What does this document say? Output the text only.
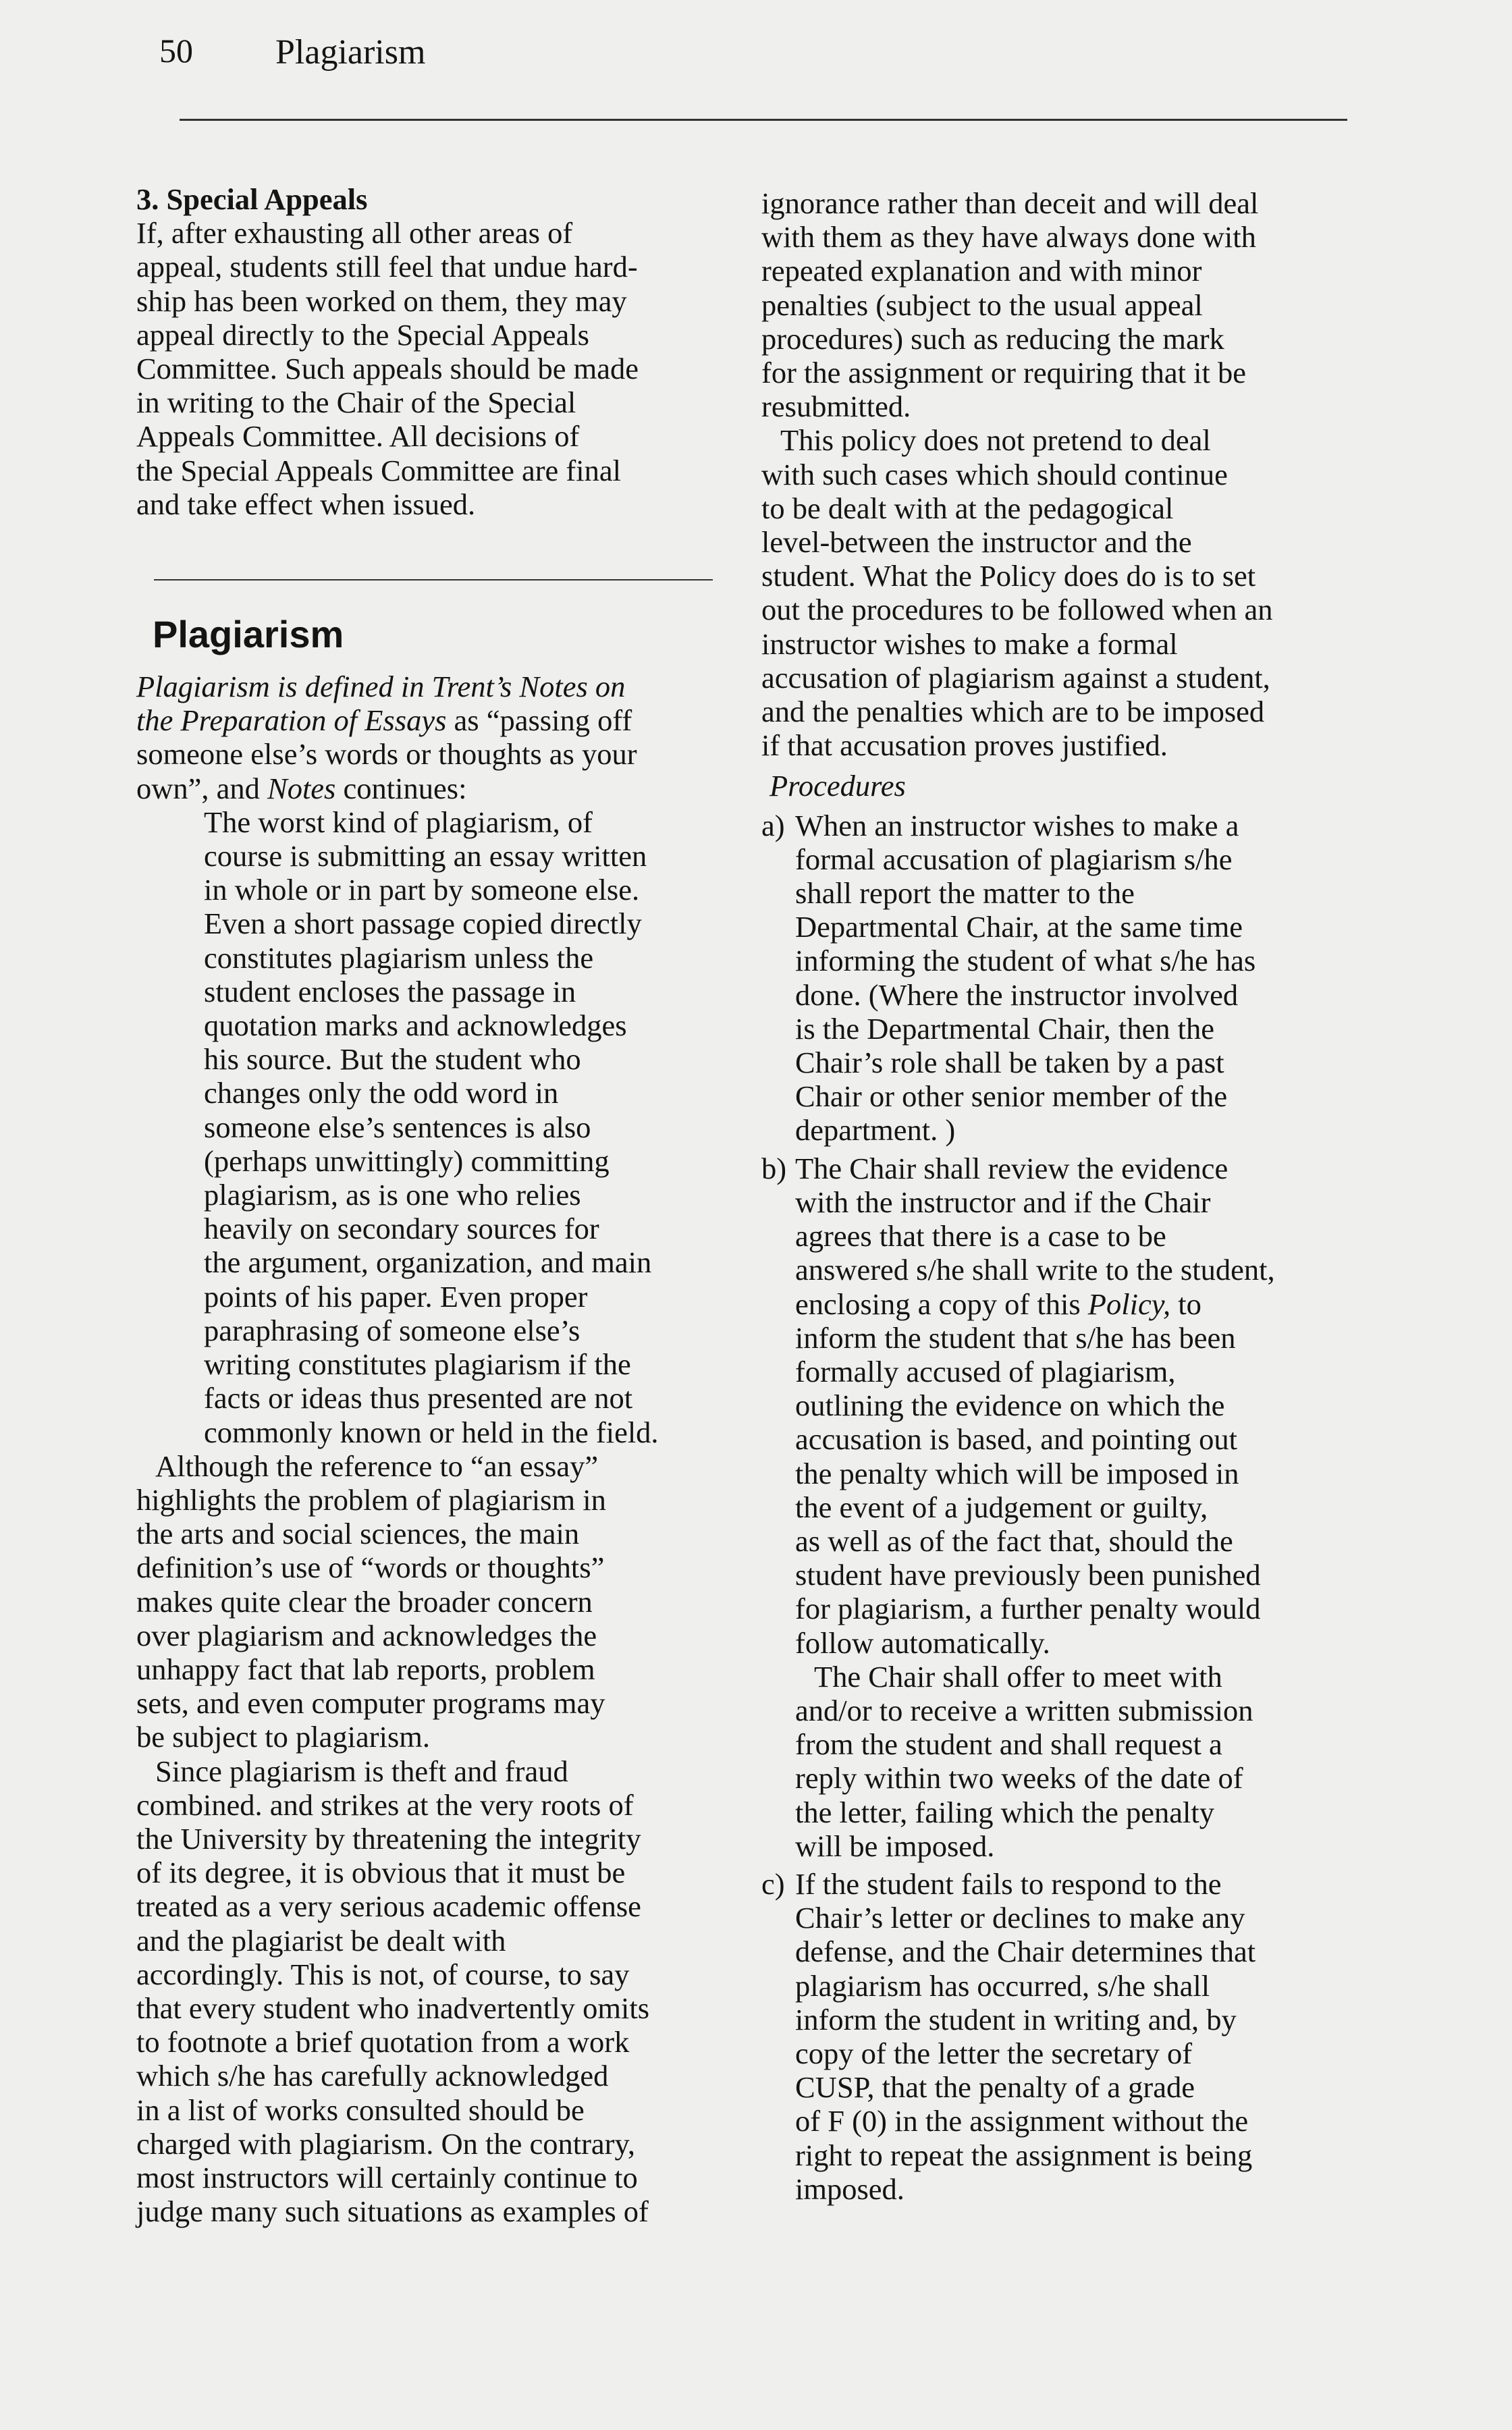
50 Plagiarism
3. Special Appeals
If, after exhausting all other areas of
appeal, students still feel that undue hard-
ship has been worked on them, they may
appeal directly to the Special Appeals
Committee. Such appeals should be made
in writing to the Chair of the Special
Appeals Committee. All decisions of
the Special Appeals Committee are final
and take effect when issued.
Plagiarism
Plagiarism is defined in Trent’s Notes on
the Preparation of Essays as “passing off
someone else’s words or thoughts as your
own”, and Notes continues:
The worst kind of plagiarism, of
course is submitting an essay written
in whole or in part by someone else.
Even a short passage copied directly
constitutes plagiarism unless the
student encloses the passage in
quotation marks and acknowledges
his source. But the student who
changes only the odd word in
someone else’s sentences is also
(perhaps unwittingly) committing
plagiarism, as is one who relies
heavily on secondary sources for
the argument, organization, and main
points of his paper. Even proper
paraphrasing of someone else’s
writing constitutes plagiarism if the
facts or ideas thus presented are not
commonly known or held in the field.
Although the reference to “an essay”
highlights the problem of plagiarism in
the arts and social sciences, the main
definition’s use of “words or thoughts”
makes quite clear the broader concern
over plagiarism and acknowledges the
unhappy fact that lab reports, problem
sets, and even computer programs may
be subject to plagiarism.
Since plagiarism is theft and fraud
combined. and strikes at the very roots of
the University by threatening the integrity
of its degree, it is obvious that it must be
treated as a very serious academic offense
and the plagiarist be dealt with
accordingly. This is not, of course, to say
that every student who inadvertently omits
to footnote a brief quotation from a work
which s/he has carefully acknowledged
in a list of works consulted should be
charged with plagiarism. On the contrary,
most instructors will certainly continue to
judge many such situations as examples of
ignorance rather than deceit and will deal
with them as they have always done with
repeated explanation and with minor
penalties (subject to the usual appeal
procedures) such as reducing the mark
for the assignment or requiring that it be
resubmitted.
This policy does not pretend to deal
with such cases which should continue
to be dealt with at the pedagogical
level-between the instructor and the
student. What the Policy does do is to set
out the procedures to be followed when an
instructor wishes to make a formal
accusation of plagiarism against a student,
and the penalties which are to be imposed
if that accusation proves justified.
Procedures
a) When an instructor wishes to make a
formal accusation of plagiarism s/he
shall report the matter to the
Departmental Chair, at the same time
informing the student of what s/he has
done. (Where the instructor involved
is the Departmental Chair, then the
Chair’s role shall be taken by a past
Chair or other senior member of the
department. )
b) The Chair shall review the evidence
with the instructor and if the Chair
agrees that there is a case to be
answered s/he shall write to the student,
enclosing a copy of this Policy, to
inform the student that s/he has been
formally accused of plagiarism,
outlining the evidence on which the
accusation is based, and pointing out
the penalty which will be imposed in
the event of a judgement or guilty,
as well as of the fact that, should the
student have previously been punished
for plagiarism, a further penalty would
follow automatically.
The Chair shall offer to meet with
and/or to receive a written submission
from the student and shall request a
reply within two weeks of the date of
the letter, failing which the penalty
will be imposed.
c) If the student fails to respond to the
Chair’s letter or declines to make any
defense, and the Chair determines that
plagiarism has occurred, s/he shall
inform the student in writing and, by
copy of the letter the secretary of
CUSP, that the penalty of a grade
of F (0) in the assignment without the
right to repeat the assignment is being
imposed.
